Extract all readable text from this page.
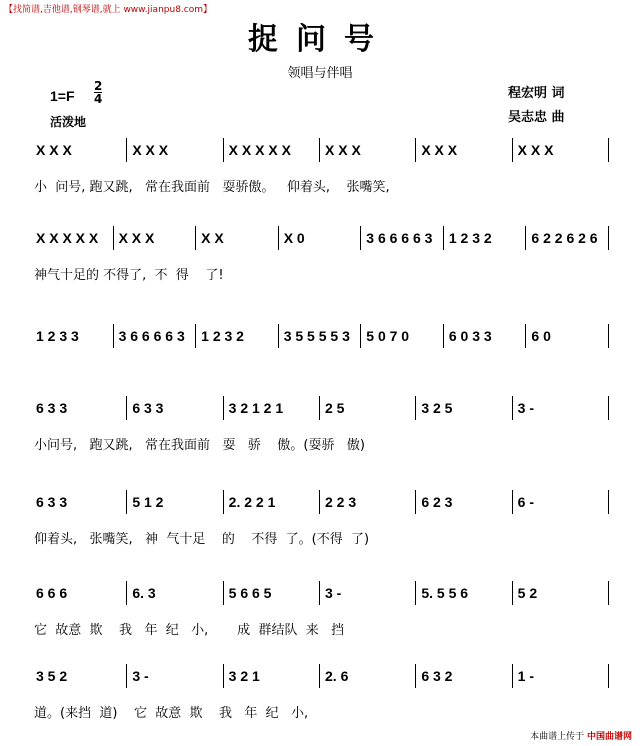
【找简谱,吉他谱,钢琴谱,就上 www.jianpu8.com】
捉问号
领唱与伴唱
1=F
2
4
活泼地
程宏明 词
吴志忠 曲
X X X	X X X	X X X X X	X X X	X X X	X X X
小  问号, 跑又跳,   常在我面前   耍骄傲。   仰着头,    张嘴笑,
X X X X X	X X X	X X	X 0	3 6 6 6 6 3	1 2 3 2	6 2 2 6 2 6
神气十足的 不得了,  不  得    了!
1 2 3 3	3 6 6 6 6 3	1 2 3 2	3 5 5 5 5 3	5 0 7 0	6 0 3 3	6 0
6 3 3	6 3 3	3 2 1 2 1	2 5	3 2 5	3 -
小问号,   跑又跳,   常在我面前   耍   骄    傲。(耍骄   傲)
6 3 3	5 1 2	2. 2 2 1	2 2 3	6 2 3	6 -
仰着头,   张嘴笑,   神  气十足    的    不得  了。(不得  了)
6 6 6	6. 3	5 6 6 5	3 -	5. 5 5 6	5 2
它  故意  欺    我   年  纪   小,       成  群结队  来   挡
3 5 2	3 -	3 2 1	2. 6	6 3 2	1 -
道。(来挡  道)    它  故意  欺    我   年  纪   小,
本曲谱上传于 中国曲谱网
